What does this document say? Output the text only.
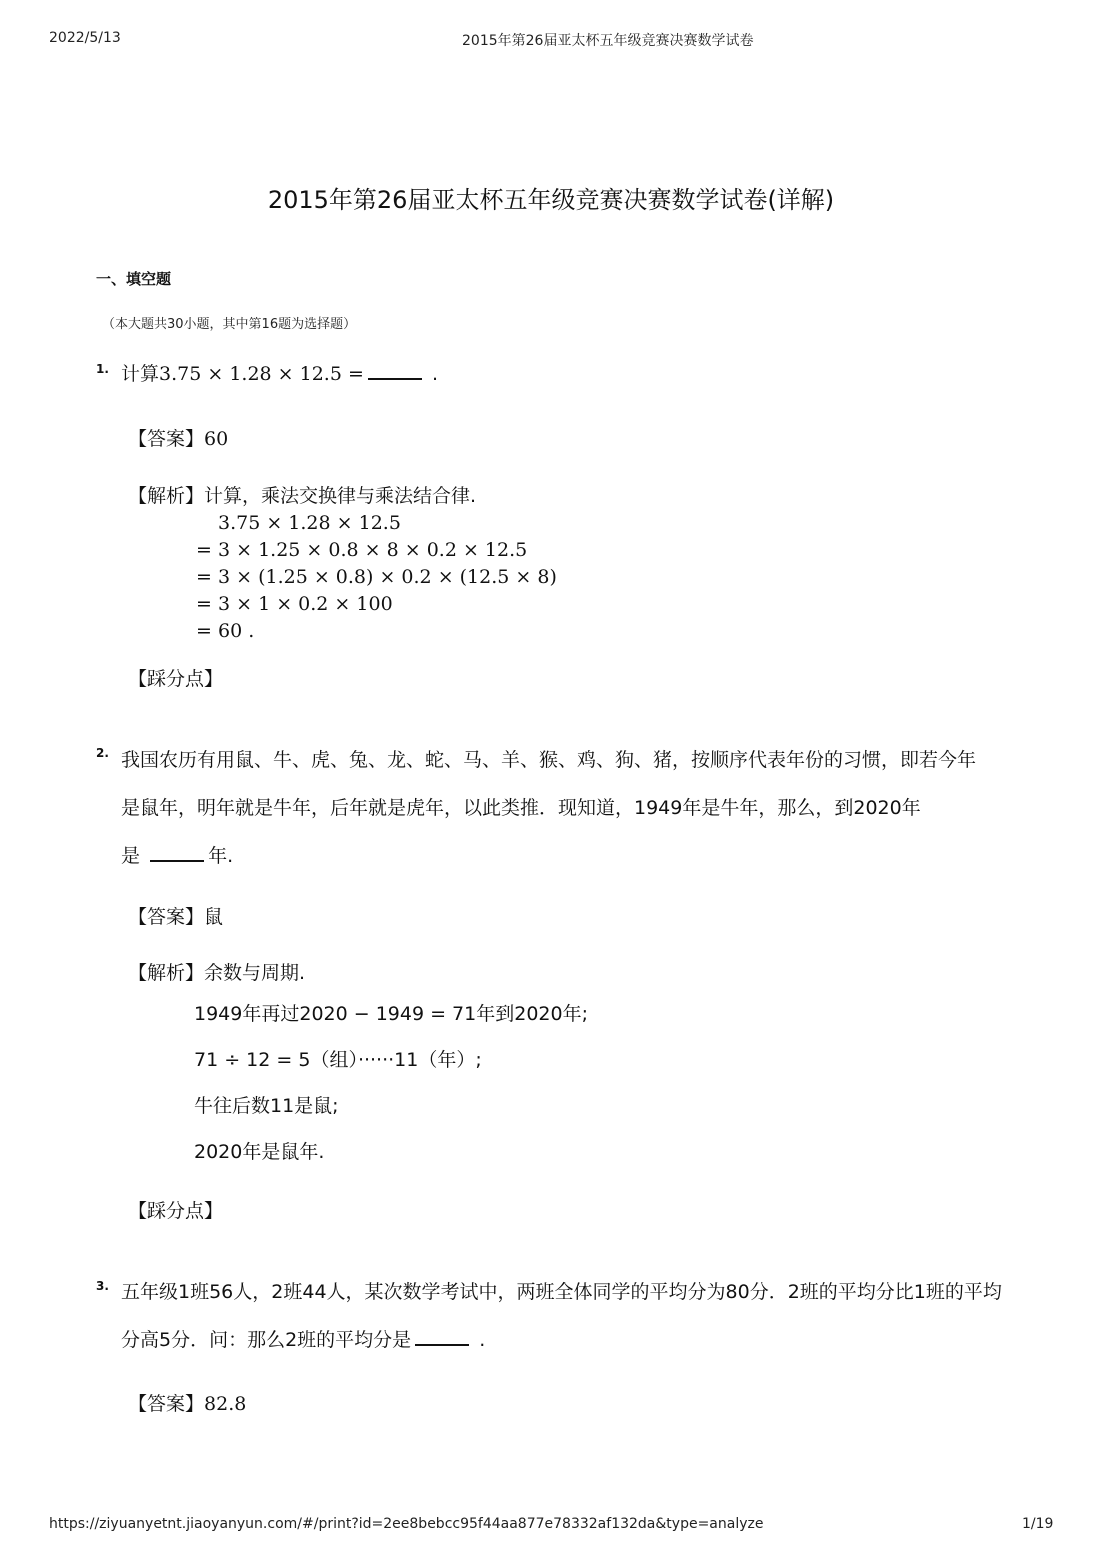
2022/5/13	2015年第26届亚太杯五年级竞赛决赛数学试卷
2015年第26届亚太杯五年级竞赛决赛数学试卷(详解)
一、填空题
（本大题共30小题，其中第16题为选择题）
1. 计算3.75 × 1.28 × 12.5 =	.
【答案】60
【解析】计算，乘法交换律与乘法结合律.
3.75 × 1.28 × 12.5
= 3 × 1.25 × 0.8 × 8 × 0.2 × 12.5
= 3 × (1.25 × 0.8) × 0.2 × (12.5 × 8)
= 3 × 1 × 0.2 × 100
= 60 .
【踩分点】
2. 我国农历有用鼠、牛、虎、兔、龙、蛇、马、羊、猴、鸡、狗、猪，按顺序代表年份的习惯，即若今年
是鼠年，明年就是牛年，后年就是虎年，以此类推．现知道，1949年是牛年，那么，到2020年
是	年.
【答案】鼠
【解析】余数与周期.
1949年再过2020 − 1949 = 71年到2020年;
71 ÷ 12 = 5（组）······11（年）;
牛往后数11是鼠;
2020年是鼠年.
【踩分点】
3. 五年级1班56人，2班44人，某次数学考试中，两班全体同学的平均分为80分．2班的平均分比1班的平均
分高5分．问：那么2班的平均分是	.
【答案】82.8
https://ziyuanyetnt.jiaoyanyun.com/#/print?id=2ee8bebcc95f44aa877e78332af132da&type=analyze	1/19
